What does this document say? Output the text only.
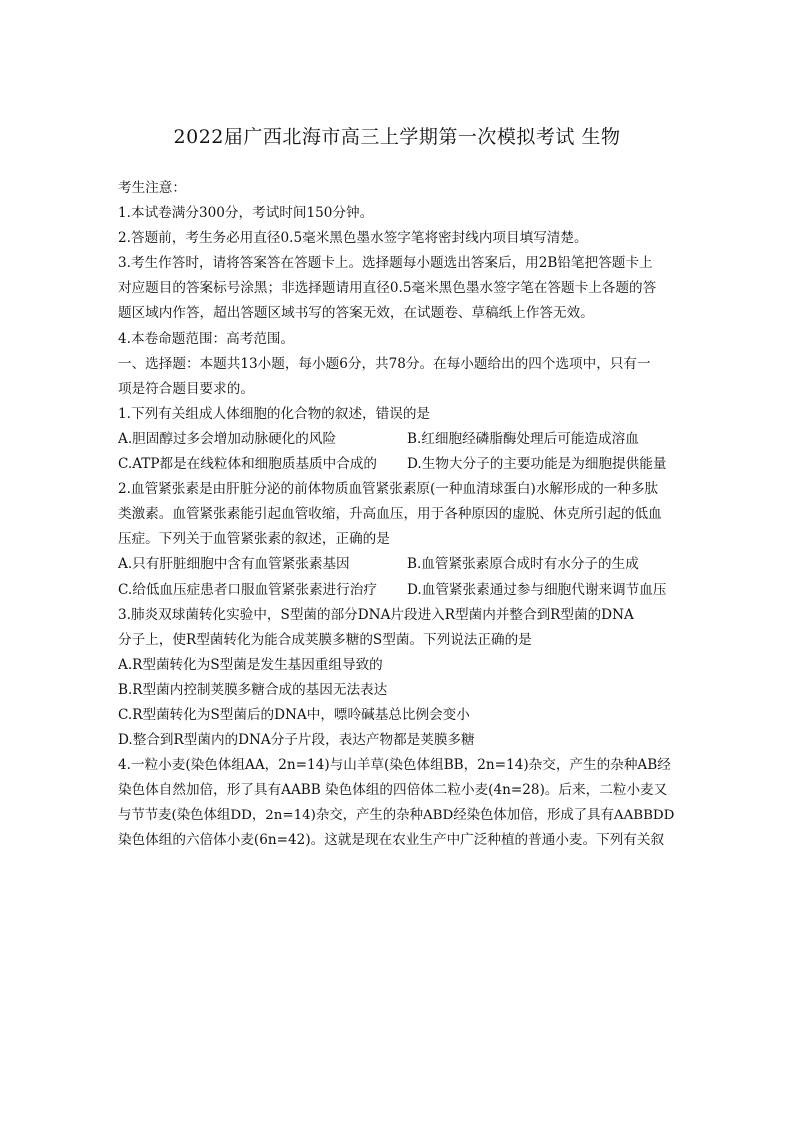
2022届广西北海市高三上学期第一次模拟考试 生物
考生注意：
1.本试卷满分300分，考试时间150分钟。
2.答题前，考生务必用直径0.5毫米黑色墨水签字笔将密封线内项目填写清楚。
3.考生作答时，请将答案答在答题卡上。选择题每小题选出答案后，用2B铅笔把答题卡上
对应题目的答案标号涂黑；非选择题请用直径0.5毫米黑色墨水签字笔在答题卡上各题的答
题区域内作答，超出答题区域书写的答案无效，在试题卷、草稿纸上作答无效。
4.本卷命题范围：高考范围。
一、选择题：本题共13小题，每小题6分，共78分。在每小题给出的四个选项中，只有一
项是符合题目要求的。
1.下列有关组成人体细胞的化合物的叙述，错误的是
A.胆固醇过多会增加动脉硬化的风险	B.红细胞经磷脂酶处理后可能造成溶血
C.ATP都是在线粒体和细胞质基质中合成的	D.生物大分子的主要功能是为细胞提供能量
2.血管紧张素是由肝脏分泌的前体物质血管紧张素原(一种血清球蛋白)水解形成的一种多肽
类激素。血管紧张素能引起血管收缩，升高血压，用于各种原因的虚脱、休克所引起的低血
压症。下列关于血管紧张素的叙述，正确的是
A.只有肝脏细胞中含有血管紧张素基因	B.血管紧张素原合成时有水分子的生成
C.给低血压症患者口服血管紧张素进行治疗	D.血管紧张素通过参与细胞代谢来调节血压
3.肺炎双球菌转化实验中，S型菌的部分DNA片段进入R型菌内并整合到R型菌的DNA
分子上，使R型菌转化为能合成荚膜多糖的S型菌。下列说法正确的是
A.R型菌转化为S型菌是发生基因重组导致的
B.R型菌内控制荚膜多糖合成的基因无法表达
C.R型菌转化为S型菌后的DNA中，嘌呤碱基总比例会变小
D.整合到R型菌内的DNA分子片段，表达产物都是荚膜多糖
4.一粒小麦(染色体组AA，2n=14)与山羊草(染色体组BB，2n=14)杂交，产生的杂种AB经
染色体自然加倍，形了具有AABB 染色体组的四倍体二粒小麦(4n=28)。后来，二粒小麦又
与节节麦(染色体组DD，2n=14)杂交，产生的杂种ABD经染色体加倍，形成了具有AABBDD
染色体组的六倍体小麦(6n=42)。这就是现在农业生产中广泛种植的普通小麦。下列有关叙
